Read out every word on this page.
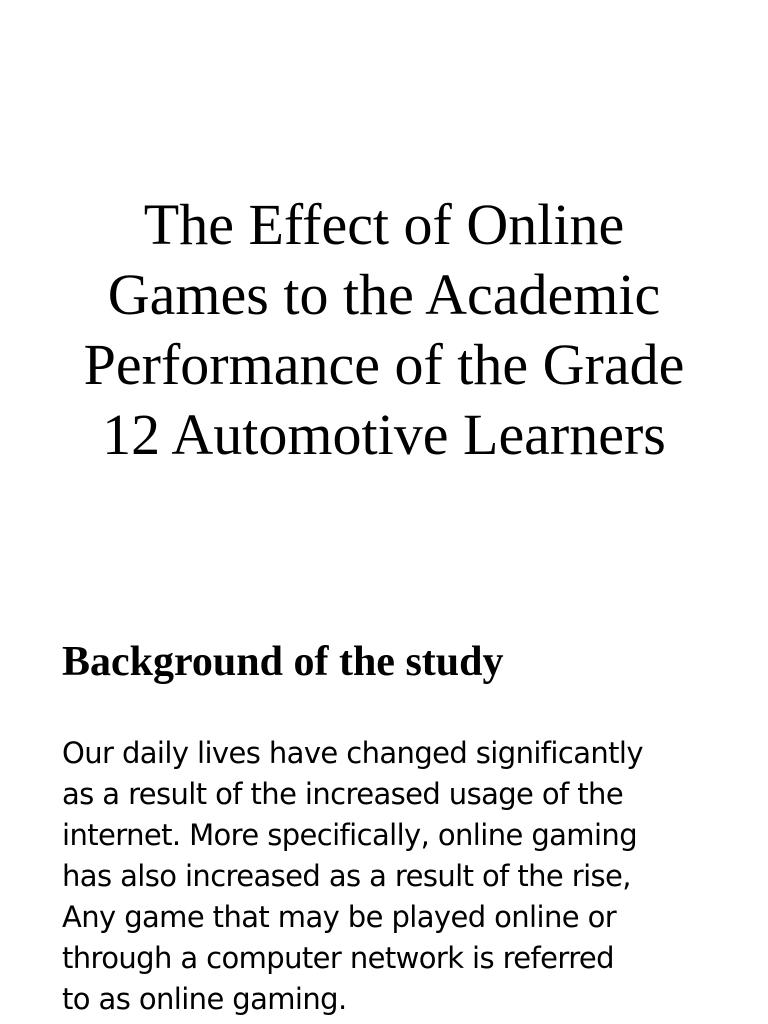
The Effect of Online
Games to the Academic
Performance of the Grade
12 Automotive Learners
Background of the study

Our daily lives have changed significantly
as a result of the increased usage of the
internet. More specifically, online gaming
has also increased as a result of the rise,
Any game that may be played online or
through a computer network is referred
to as online gaming.
